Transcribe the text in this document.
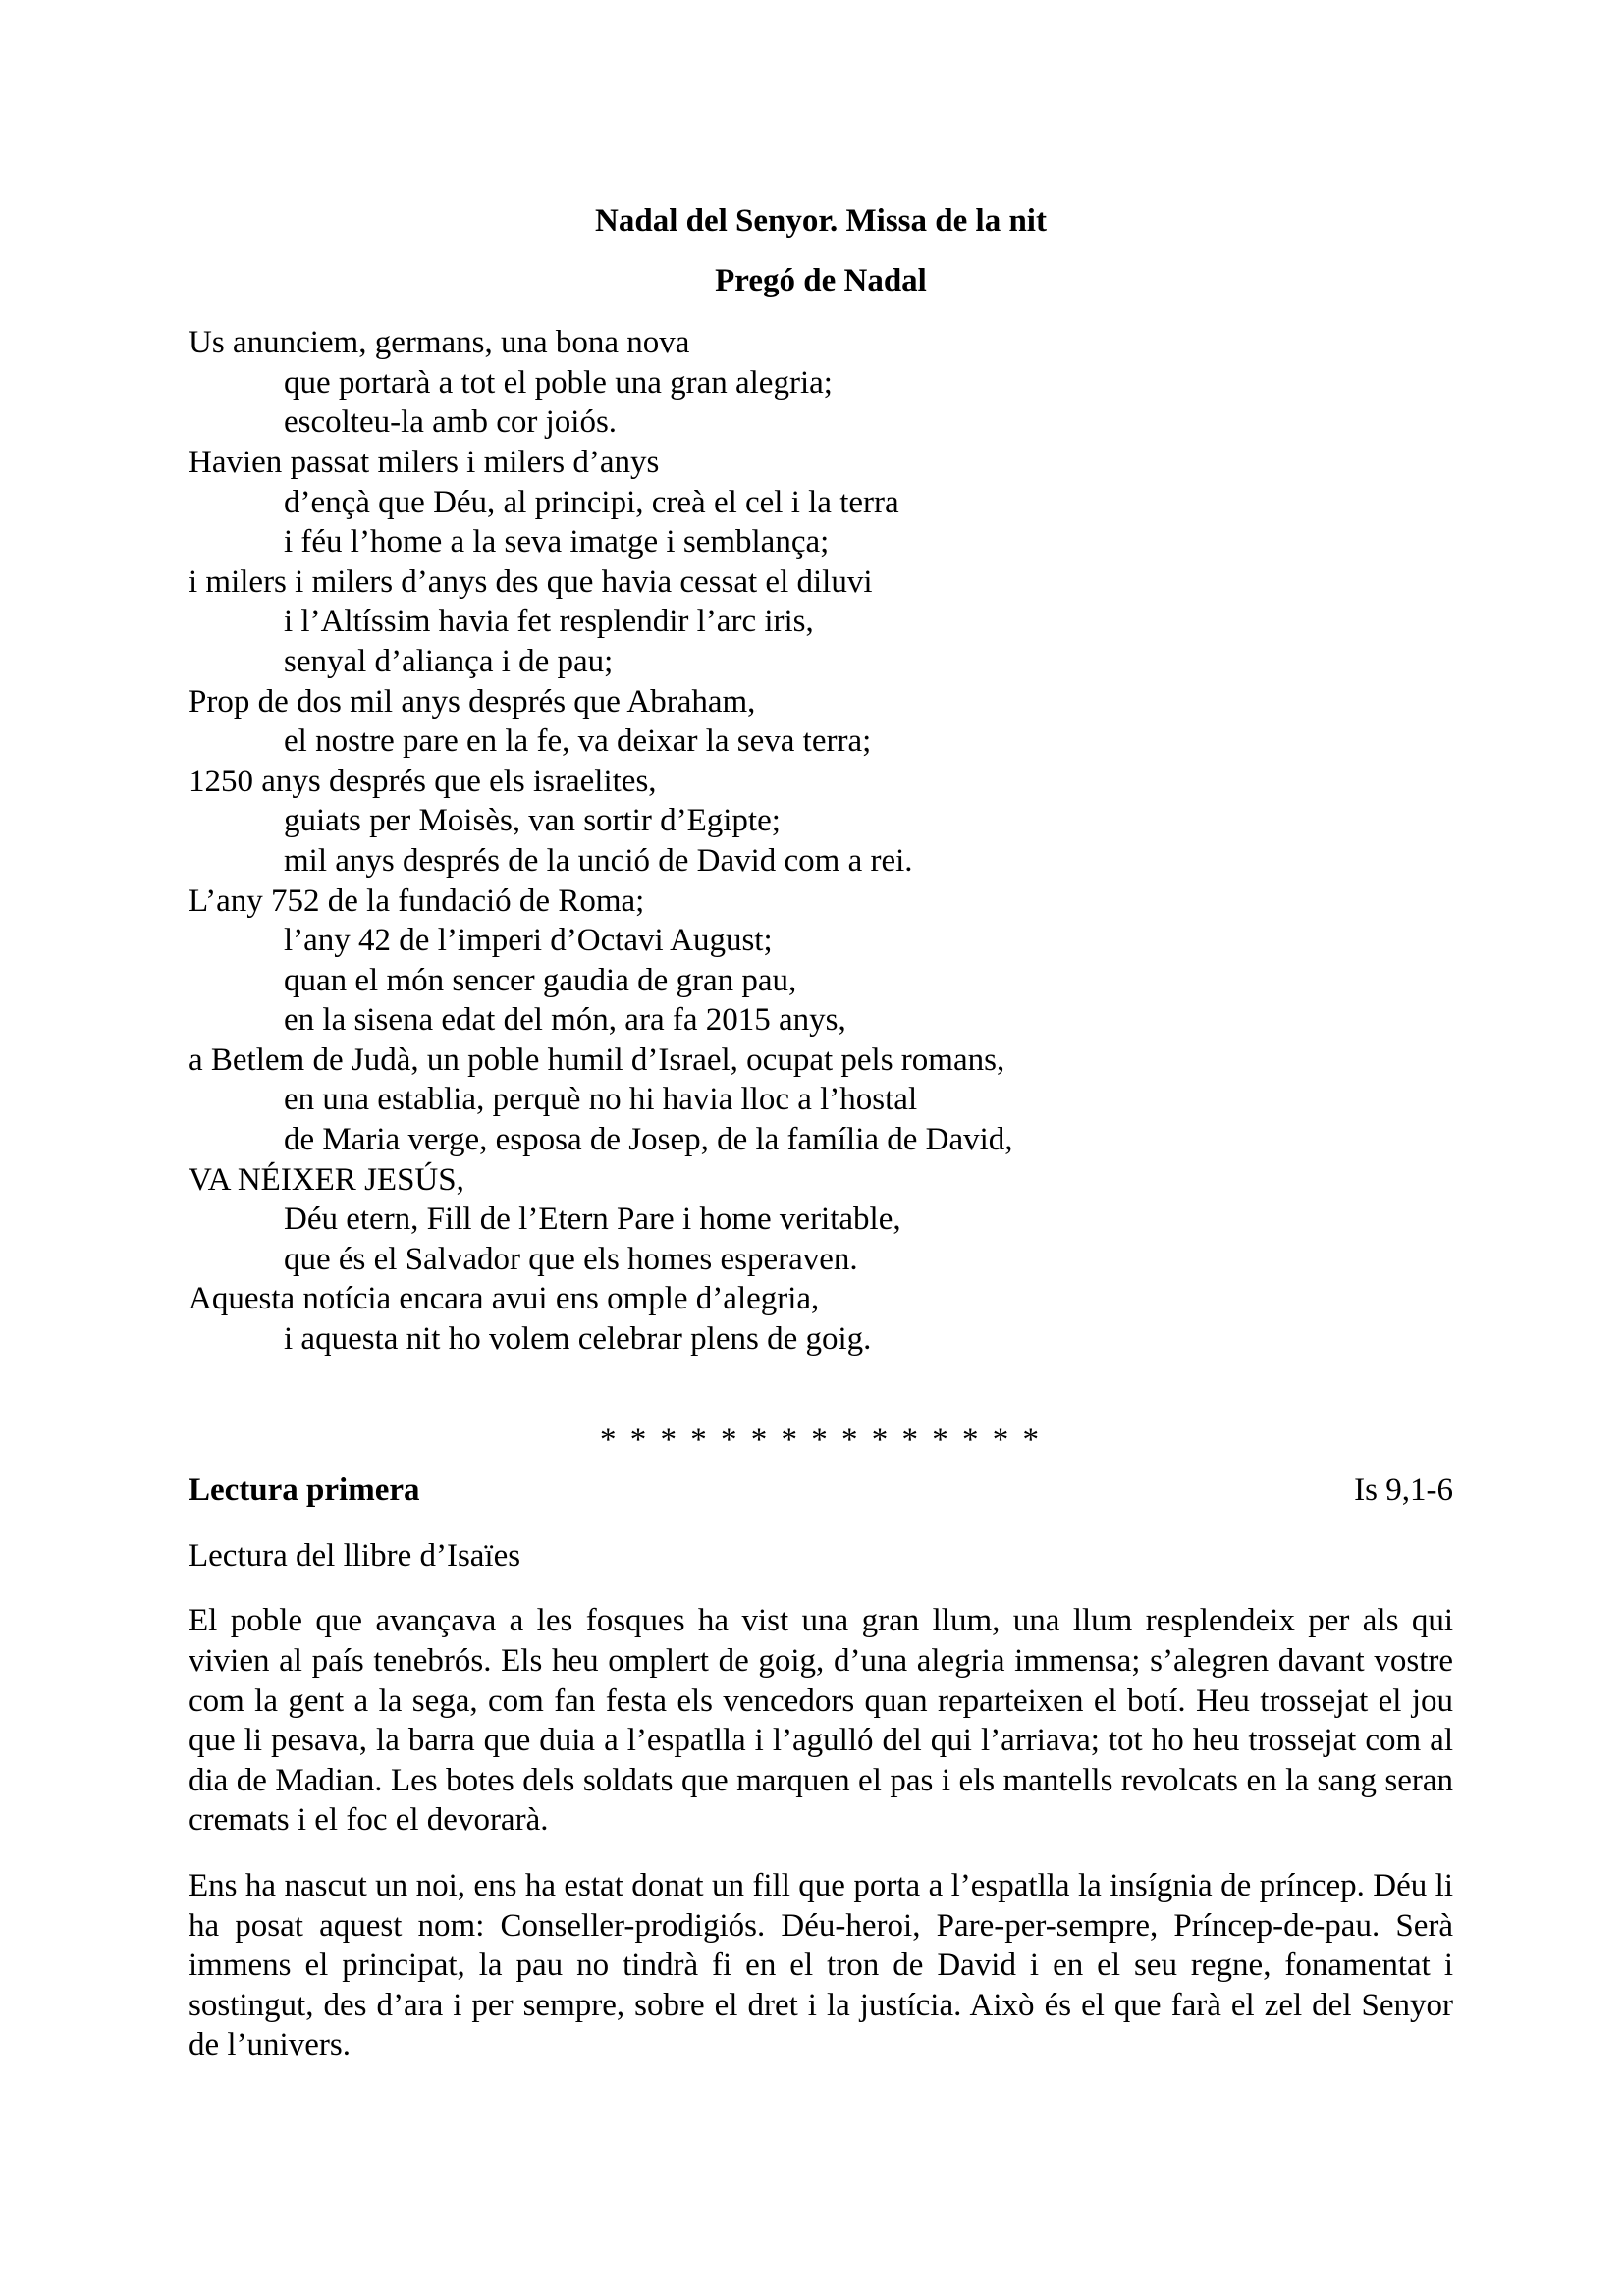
Nadal del Senyor. Missa de la nit
Pregó de Nadal
Us anunciem, germans, una bona nova
que portarà a tot el poble una gran alegria;
escolteu-la amb cor joiós.
Havien passat milers i milers d’anys
d’ençà que Déu, al principi, creà el cel i la terra
i féu l’home a la seva imatge i semblança;
i milers i milers d’anys des que havia cessat el diluvi
i l’Altíssim havia fet resplendir l’arc iris,
senyal d’aliança i de pau;
Prop de dos mil anys després que Abraham,
el nostre pare en la fe, va deixar la seva terra;
1250 anys després que els israelites,
guiats per Moisès, van sortir d’Egipte;
mil anys després de la unció de David com a rei.
L’any 752 de la fundació de Roma;
l’any 42 de l’imperi d’Octavi August;
quan el món sencer gaudia de gran pau,
en la sisena edat del món, ara fa 2015 anys,
a Betlem de Judà, un poble humil d’Israel, ocupat pels romans,
en una establia, perquè no hi havia lloc a l’hostal
de Maria verge, esposa de Josep, de la família de David,
VA NÉIXER JESÚS,
Déu etern, Fill de l’Etern Pare i home veritable,
que és el Salvador que els homes esperaven.
Aquesta notícia encara avui ens omple d’alegria,
i aquesta nit ho volem celebrar plens de goig.
* * * * * * * * * * * * * * *
Lectura primera	Is 9,1-6

Lectura del llibre d’Isaïes

El poble que avançava a les fosques ha vist una gran llum, una llum resplendeix per als qui vivien al país tenebrós. Els heu omplert de goig, d’una alegria immensa; s’alegren davant vostre com la gent a la sega, com fan festa els vencedors quan reparteixen el botí. Heu trossejat el jou que li pesava, la barra que duia a l’espatlla i l’agulló del qui l’arriava; tot ho heu trossejat com al dia de Madian. Les botes dels soldats que marquen el pas i els mantells revolcats en la sang seran cremats i el foc el devorarà.

Ens ha nascut un noi, ens ha estat donat un fill que porta a l’espatlla la insígnia de príncep. Déu li ha posat aquest nom: Conseller-prodigiós. Déu-heroi, Pare-per-sempre, Príncep-de-pau. Serà immens el principat, la pau no tindrà fi en el tron de David i en el seu regne, fonamentat i sostingut, des d’ara i per sempre, sobre el dret i la justícia. Això és el que farà el zel del Senyor de l’univers.
